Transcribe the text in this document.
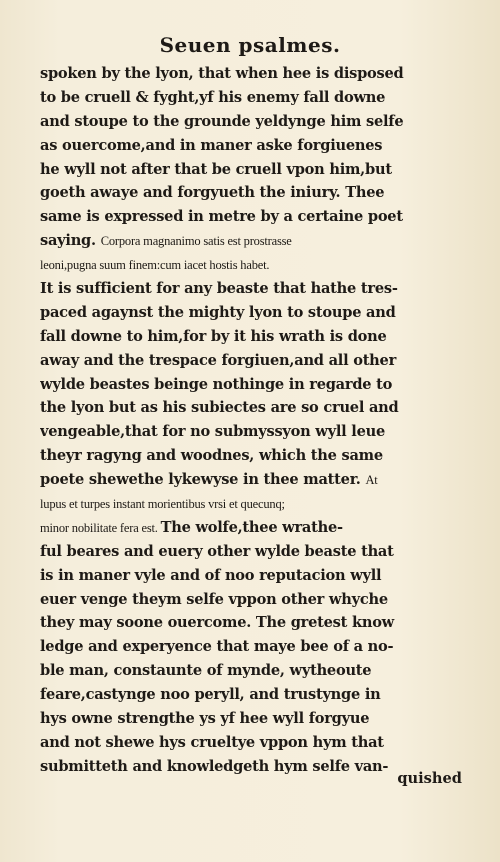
Seuen psalmes.
spoken by the lyon, that when hee is disposed
to be cruell & fyght,yf his enemy fall downe
and stoupe to the grounde yeldynge him selfe
as ouercome,and in maner aske forgiuenes
he wyll not after that be cruell vpon him,but
goeth awaye and forgyueth the iniury. Thee
same is expressed in metre by a certaine poet
saying. Corpora magnanimo satis est prostrasse
leoni,pugna suum finem:cum iacet hostis habet.
It is sufficient for any beaste that hathe tres-
paced agaynst the mighty lyon to stoupe and
fall downe to him,for by it his wrath is done
away and the trespace forgiuen,and all other
wylde beastes beinge nothinge in regarde to
the lyon but as his subiectes are so cruel and
vengeable,that for no submyssyon wyll leue
theyr ragyng and woodnes, which the same
poete shewethe lykewyse in thee matter. At
lupus et turpes instant morientibus vrsi et quecunq;
minor nobilitate fera est. The wolfe,thee wrathe-
ful beares and euery other wylde beaste that
is in maner vyle and of noo reputacion wyll
euer venge theym selfe vppon other whyche
they may soone ouercome. The gretest know
ledge and experyence that maye bee of a no-
ble man, constaunte of mynde, wytheoute
feare,castynge noo peryll, and trustynge in
hys owne strengthe ys yf hee wyll forgyue
and not shewe hys crueltye vppon hym that
submitteth and knowledgeth hym selfe van-
quished
